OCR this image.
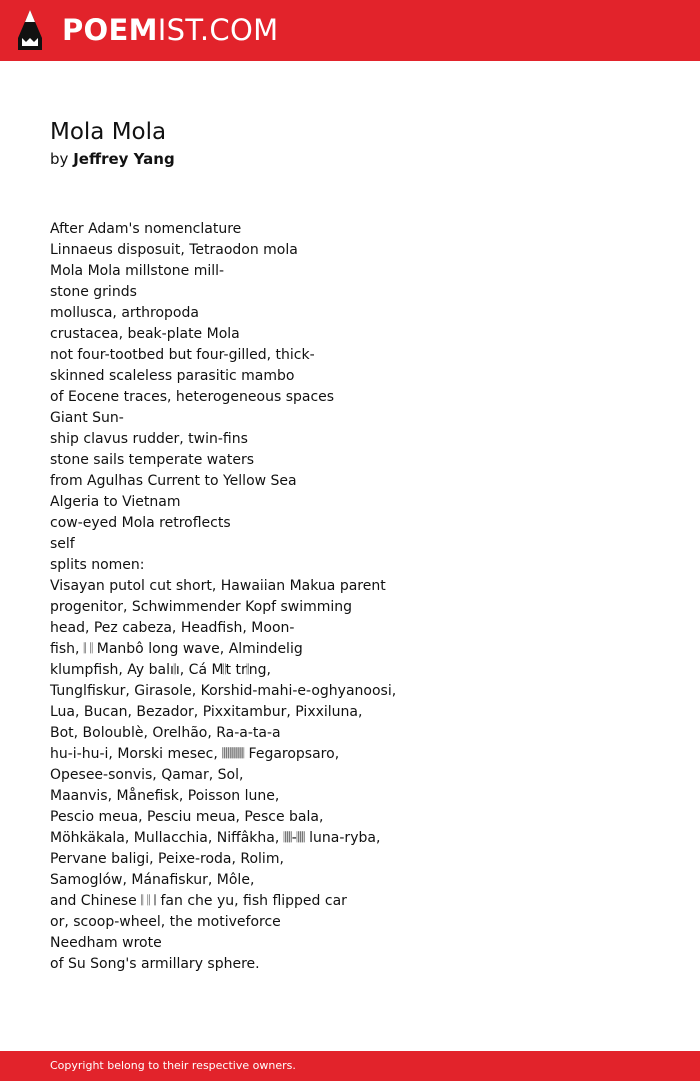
POEMIST.COM
Mola Mola
by Jeffrey Yang
After Adam's nomenclature
Linnaeus disposuit, Tetraodon mola
Mola Mola millstone mill-
stone grinds
mollusca, arthropoda
crustacea, beak-plate Mola
not four-tootbed but four-gilled, thick-
skinned scaleless parasitic mambo
of Eocene traces, heterogeneous spaces
Giant Sun-
ship clavus rudder, twin-fins
stone sails temperate waters
from Agulhas Current to Yellow Sea
Algeria to Vietnam
cow-eyed Mola retroflects
self
splits nomen:
Visayan putol cut short, Hawaiian Makua parent
progenitor, Schwimmender Kopf swimming
head, Pez cabeza, Headfish, Moon-
fish, 𝄁 𝄁 Manbô long wave, Almindelig
klumpfish, Ay balı𝄁ı, Cá M𝄁t tr𝄁ng,
Tunglfiskur, Girasole, Korshid-mahi-e-oghyanoosi,
Lua, Bucan, Bezador, Pixxitambur, Pixxiluna,
Bot, Boloublè, Orelhão, Ra-a-ta-a
hu-i-hu-i, Morski mesec, 𝄁𝄁𝄁𝄁𝄁𝄁𝄁𝄁𝄁𝄁𝄁 Fegaropsaro,
Opesee-sonvis, Qamar, Sol,
Maanvis, Månefisk, Poisson lune,
Pescio meua, Pesciu meua, Pesce bala,
Möhkäkala, Mullacchia, Niffâkha, 𝄁𝄁𝄁𝄁-𝄁𝄁𝄁𝄁 luna-ryba,
Pervane baligi, Peixe-roda, Rolim,
Samoglów, Mánafiskur, Môle,
and Chinese 𝄁 𝄁 𝄁 fan che yu, fish flipped car
or, scoop-wheel, the motiveforce
Needham wrote
of Su Song's armillary sphere.
Copyright belong to their respective owners.
